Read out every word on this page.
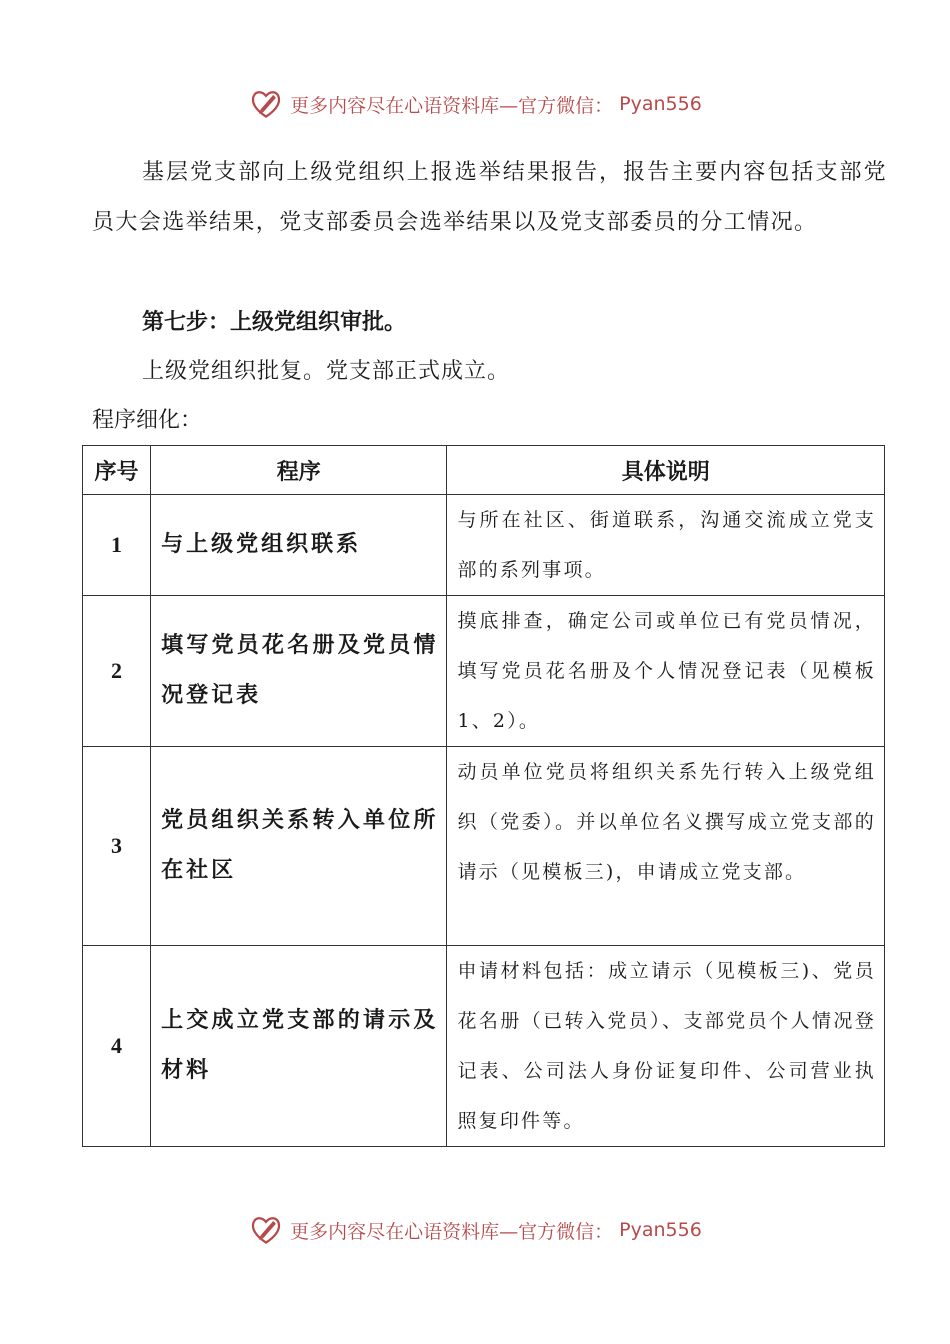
更多内容尽在心语资料库—官方微信： Pyan556
基层党支部向上级党组织上报选举结果报告，报告主要内容包括支部党员大会选举结果，党支部委员会选举结果以及党支部委员的分工情况。
第七步：上级党组织审批。
上级党组织批复。党支部正式成立。
程序细化：
序号	程序	具体说明
1	与上级党组织联系	与所在社区、街道联系，沟通交流成立党支部的系列事项。
2	填写党员花名册及党员情况登记表	摸底排查，确定公司或单位已有党员情况，填写党员花名册及个人情况登记表（见模板1、2）。
3	党员组织关系转入单位所在社区	动员单位党员将组织关系先行转入上级党组织（党委）。并以单位名义撰写成立党支部的请示（见模板三)，申请成立党支部。
4	上交成立党支部的请示及材料	申请材料包括：成立请示（见模板三)、党员花名册（已转入党员）、支部党员个人情况登记表、公司法人身份证复印件、公司营业执照复印件等。
更多内容尽在心语资料库—官方微信： Pyan556
